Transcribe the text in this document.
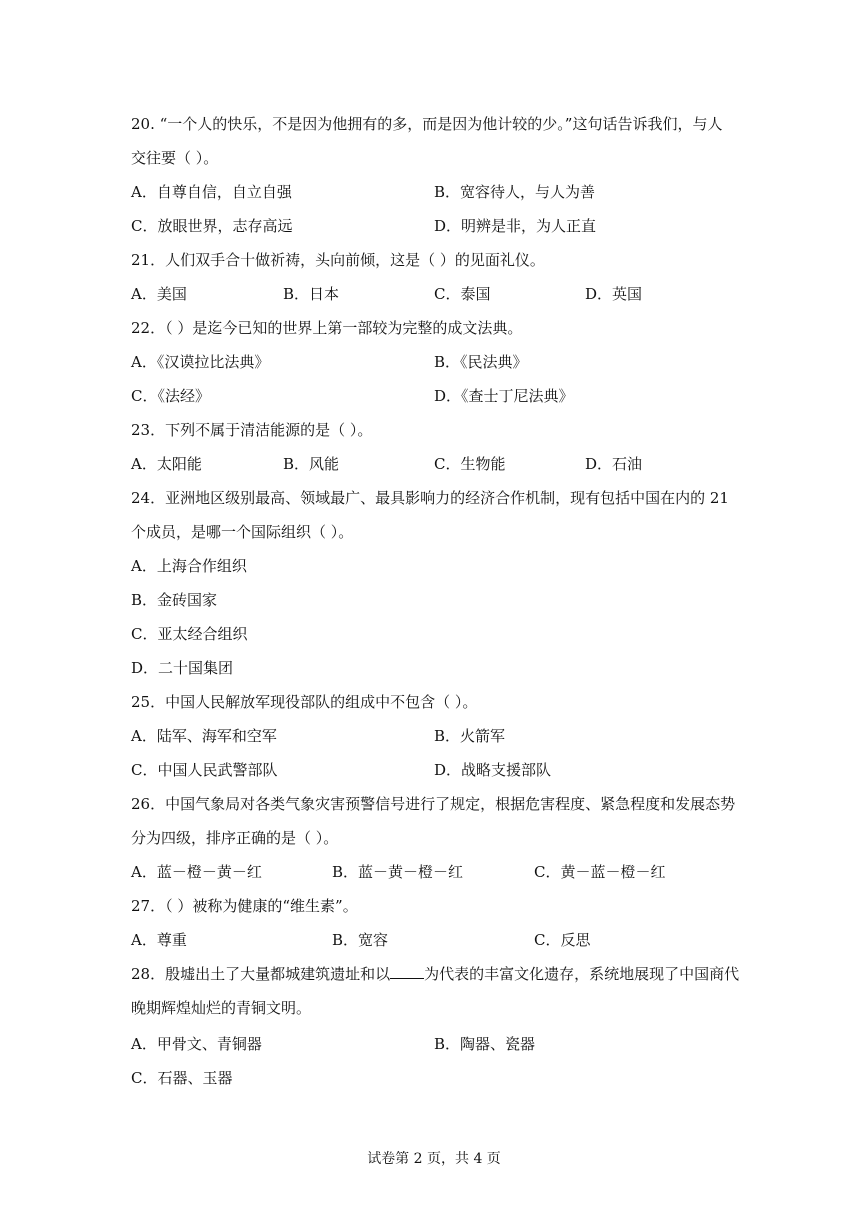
20. “一个人的快乐，不是因为他拥有的多，而是因为他计较的少。”这句话告诉我们，与人
交往要（ ）。
A．自尊自信，自立自强	B．宽容待人，与人为善
C．放眼世界，志存高远	D．明辨是非，为人正直
21．人们双手合十做祈祷，头向前倾，这是（ ）的见面礼仪。
A．美国	B．日本	C．泰国	D．英国
22．（ ）是迄今已知的世界上第一部较为完整的成文法典。
A．《汉谟拉比法典》	B．《民法典》
C．《法经》	D．《查士丁尼法典》
23．下列不属于清洁能源的是（ ）。
A．太阳能	B．风能	C．生物能	D．石油
24．亚洲地区级别最高、领域最广、最具影响力的经济合作机制，现有包括中国在内的 21
个成员，是哪一个国际组织（ ）。
A．上海合作组织
B．金砖国家
C．亚太经合组织
D．二十国集团
25．中国人民解放军现役部队的组成中不包含（ ）。
A．陆军、海军和空军	B．火箭军
C．中国人民武警部队	D．战略支援部队
26．中国气象局对各类气象灾害预警信号进行了规定，根据危害程度、紧急程度和发展态势
分为四级，排序正确的是（ ）。
A．蓝－橙－黄－红	B．蓝－黄－橙－红	C．黄－蓝－橙－红
27．（ ）被称为健康的“维生素”。
A．尊重	B．宽容	C．反思
28．殷墟出土了大量都城建筑遗址和以 为代表的丰富文化遗存，系统地展现了中国商代
晚期辉煌灿烂的青铜文明。
A．甲骨文、青铜器	B．陶器、瓷器
C．石器、玉器
试卷第 2 页，共 4 页
